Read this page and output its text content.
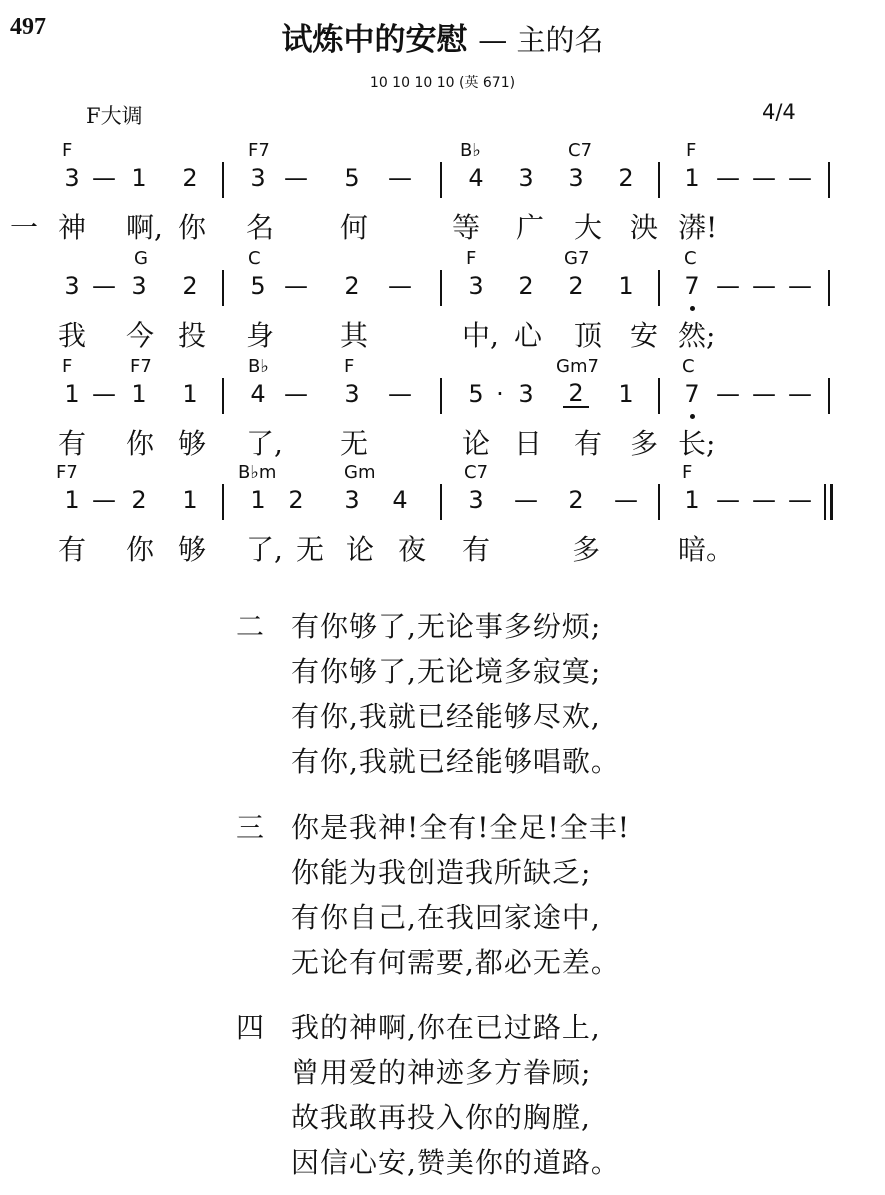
497	试炼中的安慰 — 主的名
10 10 10 10 (英 671)
F大调	4/4
F	F7	B♭	C7	F
3 — 1 2 3 — 5 — 4 3 3 2 1 — — —
一 神 啊, 你 名 何	等 广 大 泱 漭!
G	C	F	G7	C
3 — 3 2 5 — 2 — 3 2 2 1 7 — — —
我 今 投 身 其	中, 心 顶 安 然;
F	F7	B♭	F	Gm7	C
1 — 1 1 4 — 3 — 5 · 3 2 1 7 — — —
有 你 够 了, 无	论 日 有 多 长;
F7	B♭m	Gm	C7	F
1 — 2 1 1 2 3 4	3 — 2 — 1 — — —
有 你 够 了, 无 论 夜 有	多	暗。
二 有你够了,无论事多纷烦;
有你够了,无论境多寂寞;
有你,我就已经能够尽欢,
有你,我就已经能够唱歌。
三 你是我神!全有!全足!全丰!
你能为我创造我所缺乏;
有你自己,在我回家途中,
无论有何需要,都必无差。
四 我的神啊,你在已过路上,
曾用爱的神迹多方眷顾;
故我敢再投入你的胸膛,
因信心安,赞美你的道路。
